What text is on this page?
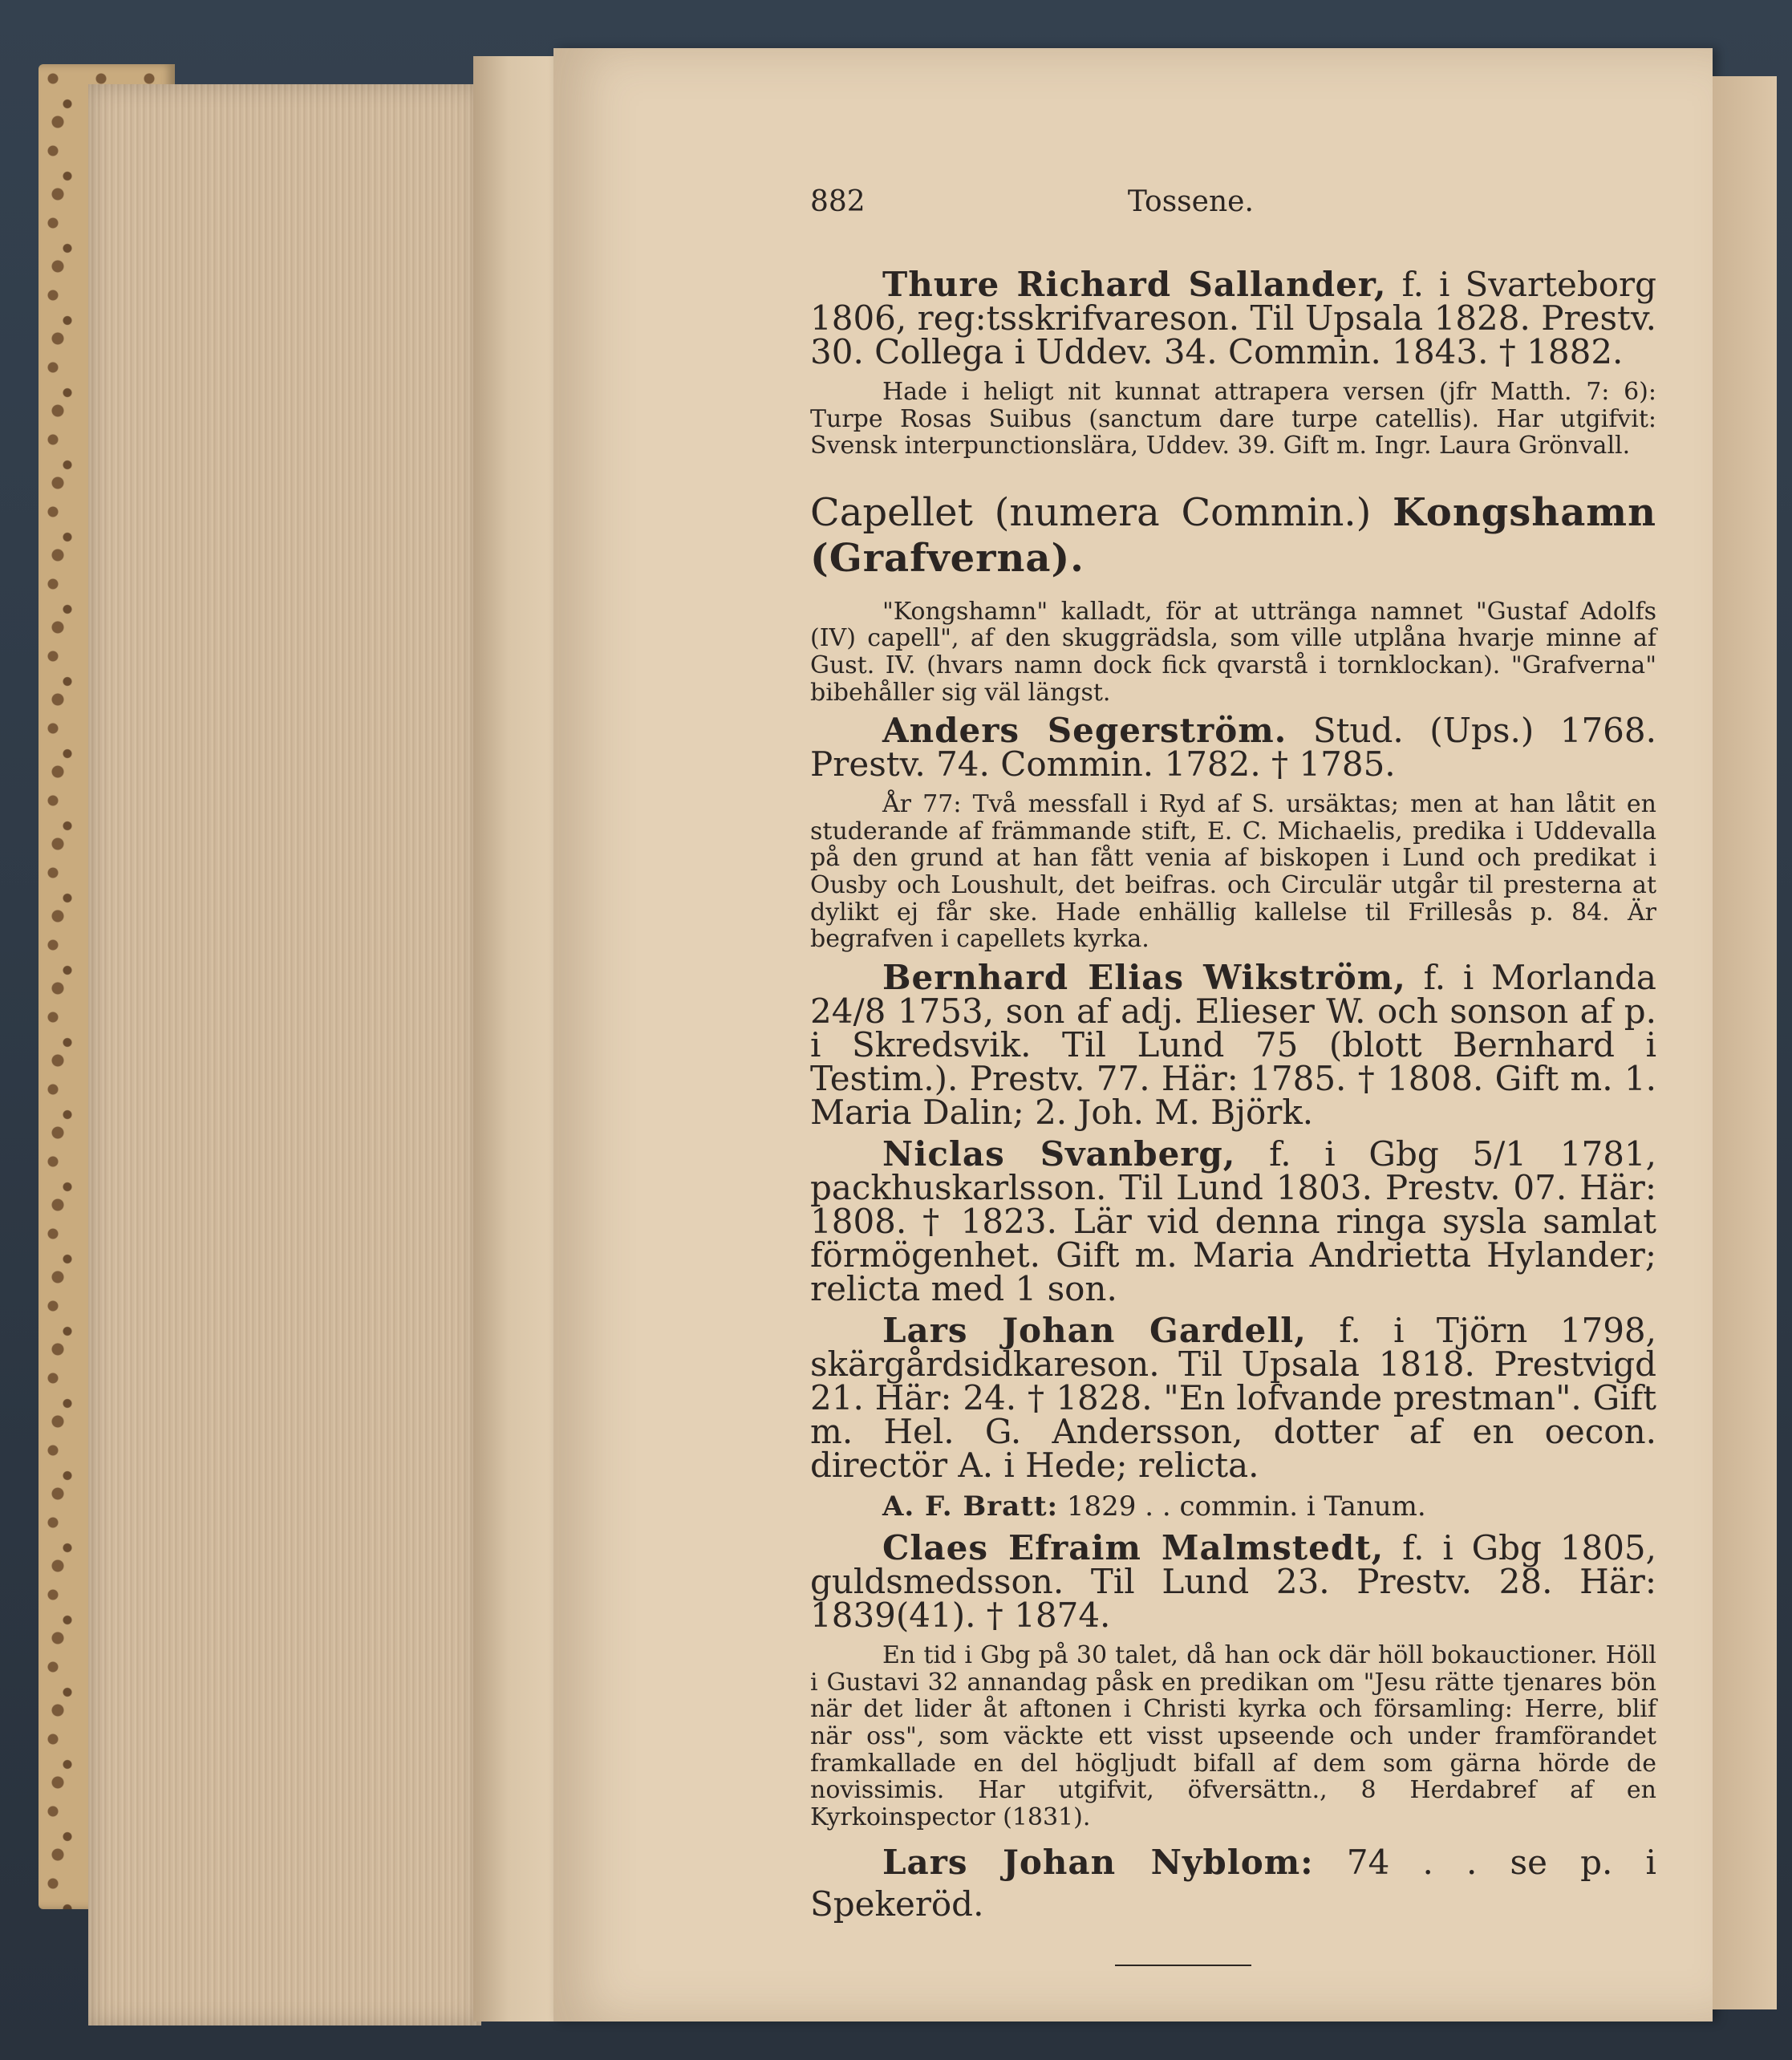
882	Tossene.

Thure Richard Sallander, f. i Svarteborg 1806, reg:tsskrifvareson. Til Upsala 1828. Prestv. 30. Collega i Uddev. 34. Commin. 1843. † 1882.

Hade i heligt nit kunnat attrapera versen (jfr Matth. 7: 6): Turpe Rosas Suibus (sanctum dare turpe catellis). Har utgifvit: Svensk interpunctionslära, Uddev. 39. Gift m. Ingr. Laura Grönvall.

Capellet (numera Commin.) Kongshamn (Grafverna).

"Kongshamn" kalladt, för at uttränga namnet "Gustaf Adolfs (IV) capell", af den skuggrädsla, som ville utplåna hvarje minne af Gust. IV. (hvars namn dock fick qvarstå i tornklockan). "Grafverna" bibehåller sig väl längst.

Anders Segerström. Stud. (Ups.) 1768. Prestv. 74. Commin. 1782. † 1785.

År 77: Två messfall i Ryd af S. ursäktas; men at han låtit en studerande af främmande stift, E. C. Michaelis, predika i Uddevalla på den grund at han fått venia af biskopen i Lund och predikat i Ousby och Loushult, det beifras. och Circulär utgår til presterna at dylikt ej får ske. Hade enhällig kallelse til Frillesås p. 84. Är begrafven i capellets kyrka.

Bernhard Elias Wikström, f. i Morlanda 24/8 1753, son af adj. Elieser W. och sonson af p. i Skredsvik. Til Lund 75 (blott Bernhard i Testim.). Prestv. 77. Här: 1785. † 1808. Gift m. 1. Maria Dalin; 2. Joh. M. Björk.

Niclas Svanberg, f. i Gbg 5/1 1781, packhuskarlsson. Til Lund 1803. Prestv. 07. Här: 1808. † 1823. Lär vid denna ringa sysla samlat förmögenhet. Gift m. Maria Andrietta Hylander; relicta med 1 son.

Lars Johan Gardell, f. i Tjörn 1798, skärgårdsidkareson. Til Upsala 1818. Prestvigd 21. Här: 24. † 1828. "En lofvande prestman". Gift m. Hel. G. Andersson, dotter af en oecon. directör A. i Hede; relicta.

A. F. Bratt: 1829 . . commin. i Tanum.

Claes Efraim Malmstedt, f. i Gbg 1805, guldsmedsson. Til Lund 23. Prestv. 28. Här: 1839(41). † 1874.

En tid i Gbg på 30 talet, då han ock där höll bokauctioner. Höll i Gustavi 32 annandag påsk en predikan om "Jesu rätte tjenares bön när det lider åt aftonen i Christi kyrka och församling: Herre, blif när oss", som väckte ett visst upseende och under framförandet framkallade en del högljudt bifall af dem som gärna hörde de novissimis. Har utgifvit, öfversättn., 8 Herdabref af en Kyrkoinspector (1831).

Lars Johan Nyblom: 74 . . se p. i Spekeröd.
